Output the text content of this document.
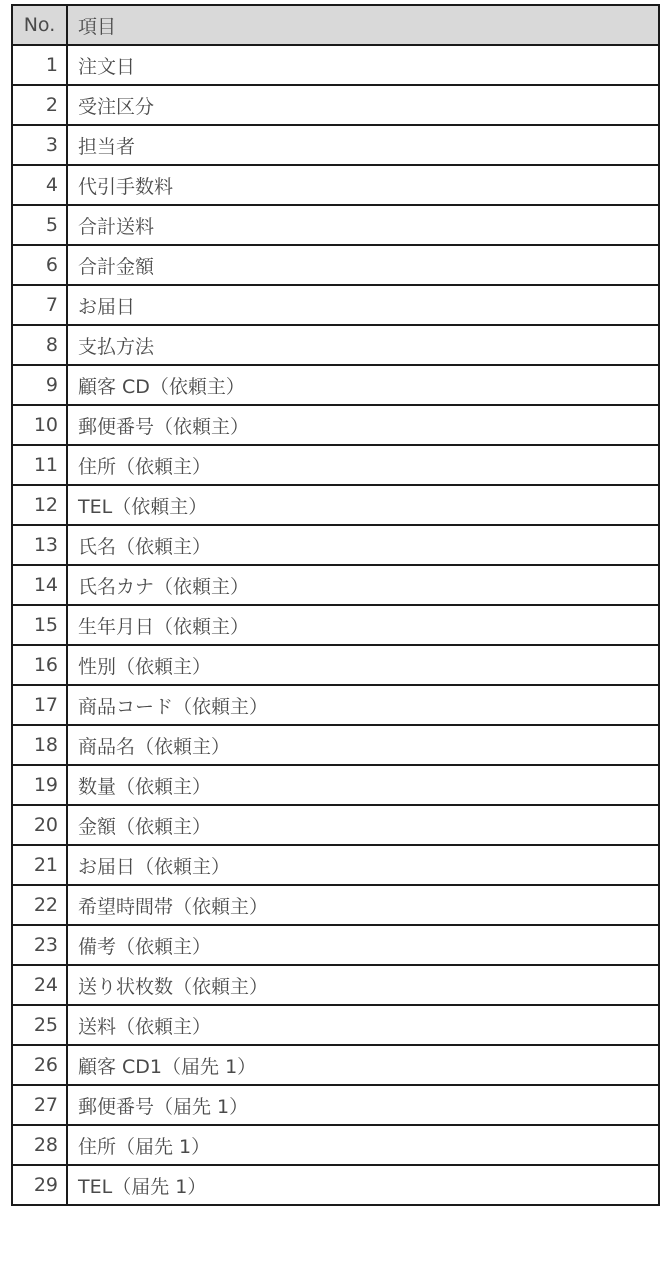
No.	項目
1	注文日
2	受注区分
3	担当者
4	代引手数料
5	合計送料
6	合計金額
7	お届日
8	支払方法
9	顧客 CD（依頼主）
10	郵便番号（依頼主）
11	住所（依頼主）
12	TEL（依頼主）
13	氏名（依頼主）
14	氏名カナ（依頼主）
15	生年月日（依頼主）
16	性別（依頼主）
17	商品コード（依頼主）
18	商品名（依頼主）
19	数量（依頼主）
20	金額（依頼主）
21	お届日（依頼主）
22	希望時間帯（依頼主）
23	備考（依頼主）
24	送り状枚数（依頼主）
25	送料（依頼主）
26	顧客 CD1（届先 1）
27	郵便番号（届先 1）
28	住所（届先 1）
29	TEL（届先 1）
